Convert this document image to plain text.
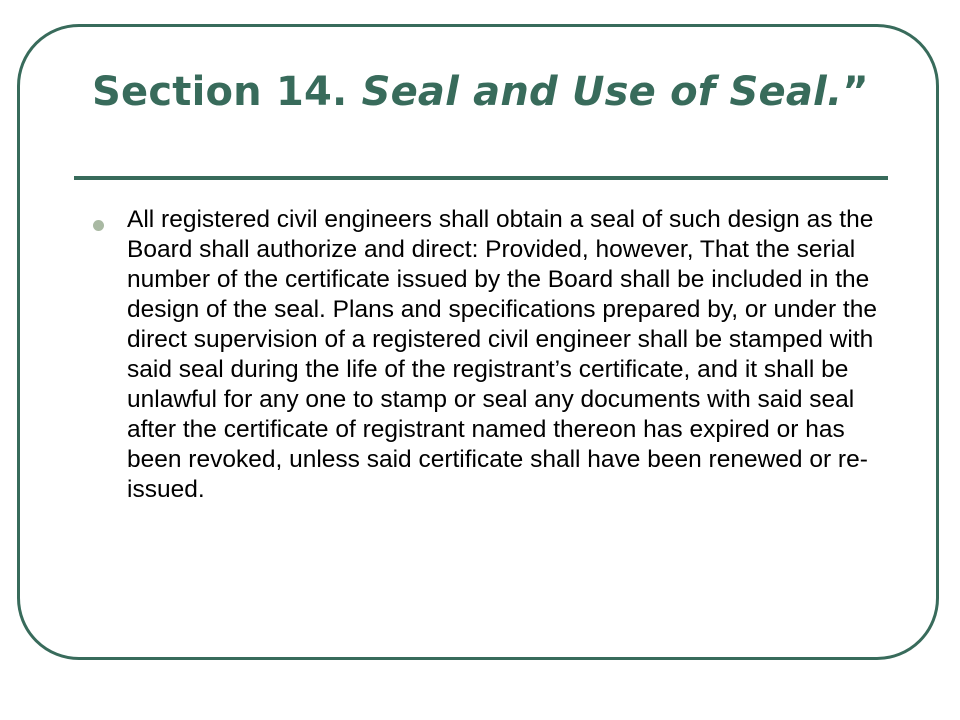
Section 14. Seal and Use of Seal.”
All registered civil engineers shall obtain a seal of such design as the Board shall authorize and direct: Provided, however, That the serial number of the certificate issued by the Board shall be included in the design of the seal. Plans and specifications prepared by, or under the direct supervision of a registered civil engineer shall be stamped with said seal during the life of the registrant’s certificate, and it shall be unlawful for any one to stamp or seal any documents with said seal after the certificate of registrant named thereon has expired or has been revoked, unless said certificate shall have been renewed or re-issued.
